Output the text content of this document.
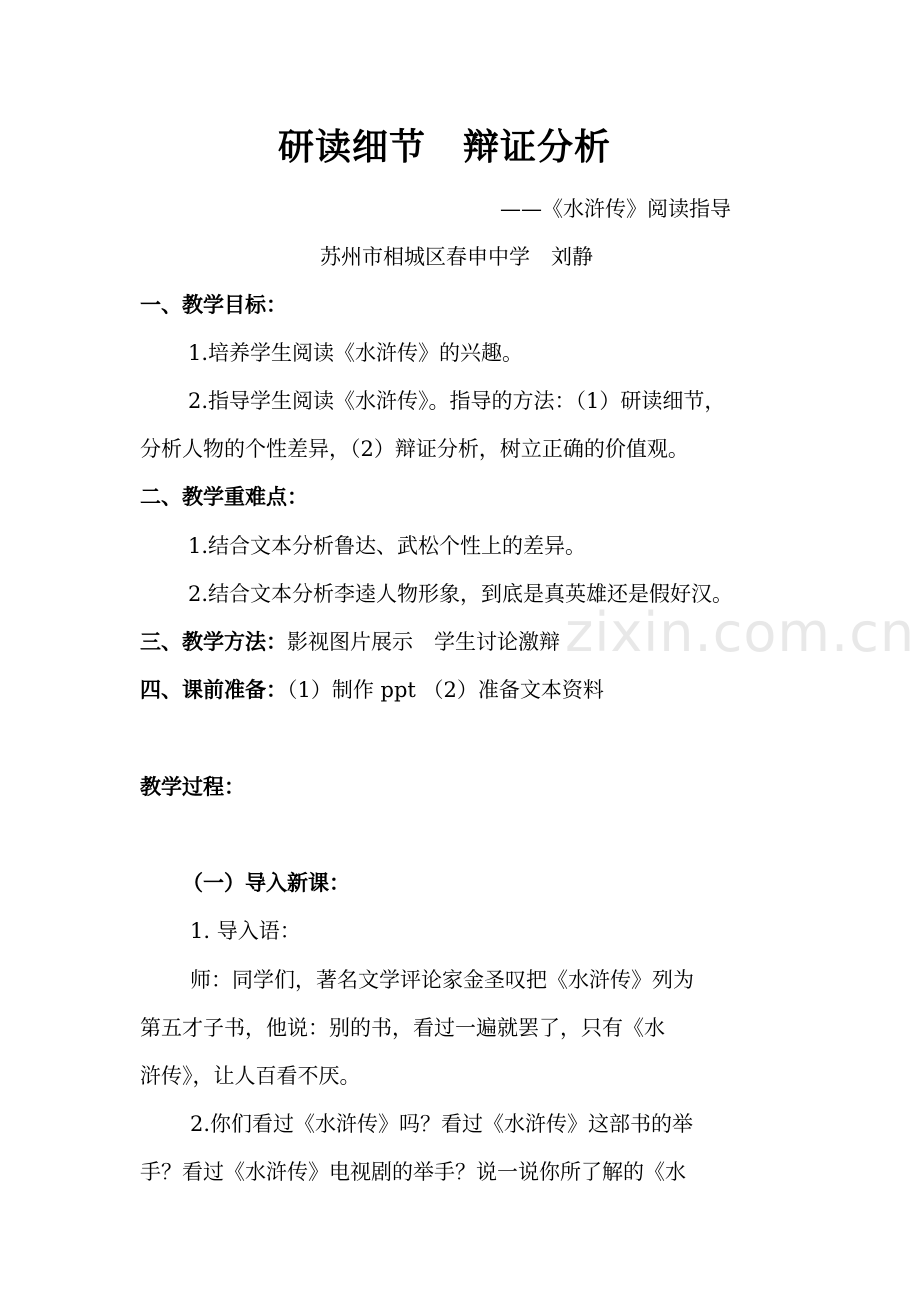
研读细节　辩证分析
——《水浒传》阅读指导
苏州市相城区春申中学　刘静
一、教学目标：
1.培养学生阅读《水浒传》的兴趣。
2.指导学生阅读《水浒传》。指导的方法：（1）研读细节，
分析人物的个性差异，（2）辩证分析，树立正确的价值观。
二、教学重难点：
1.结合文本分析鲁达、武松个性上的差异。
2.结合文本分析李逵人物形象，到底是真英雄还是假好汉。
三、教学方法：影视图片展示　学生讨论激辩
四、课前准备：（1）制作 ppt （2）准备文本资料
教学过程：
（一）导入新课：
1. 导入语：
师：同学们，著名文学评论家金圣叹把《水浒传》列为
第五才子书，他说：别的书，看过一遍就罢了，只有《水
浒传》，让人百看不厌。
2.你们看过《水浒传》吗？看过《水浒传》这部书的举
手？看过《水浒传》电视剧的举手？说一说你所了解的《水
zixin.com.cn
